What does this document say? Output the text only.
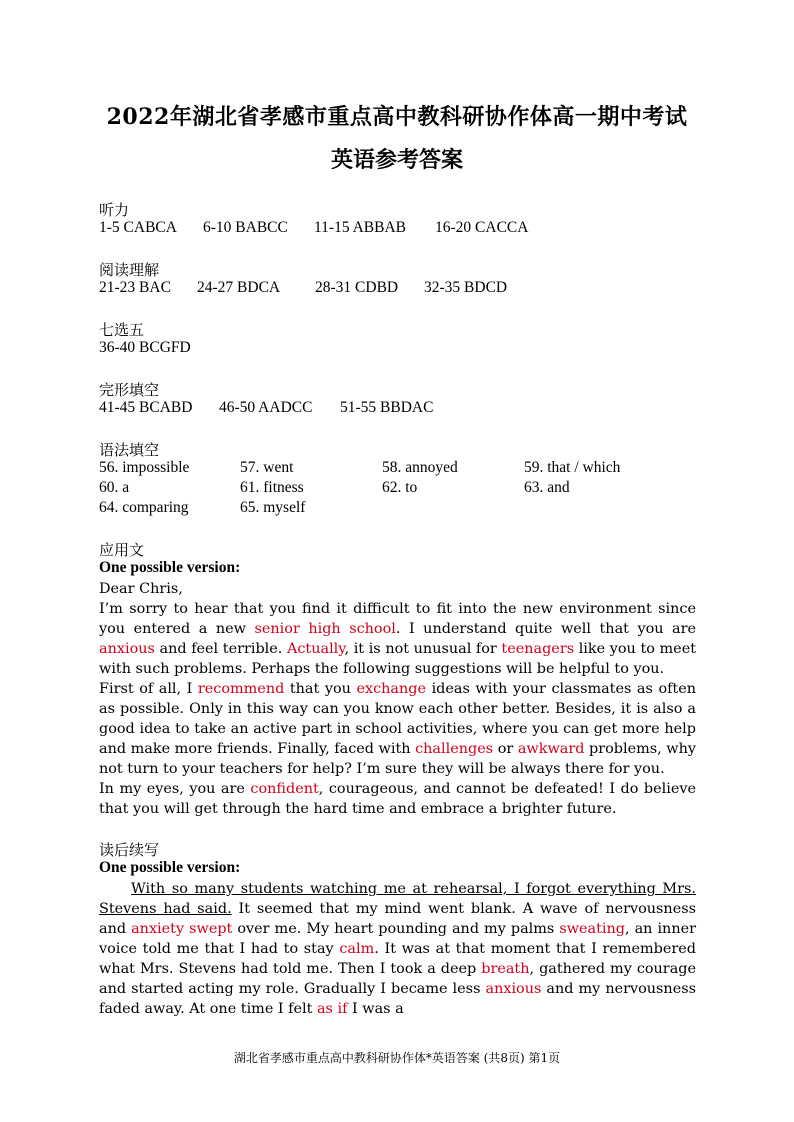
2022年湖北省孝感市重点高中教科研协作体高一期中考试
英语参考答案
听力
1-5 CABCA 6-10 BABCC 11-15 ABBAB 16-20 CACCA
阅读理解
21-23 BAC 24-27 BDCA 28-31 CDBD 32-35 BDCD
七选五
36-40 BCGFD
完形填空
41-45 BCABD 46-50 AADCC 51-55 BBDAC
语法填空
56. impossible	57. went	58. annoyed	59. that / which
60. a	61. fitness	62. to	63. and
64. comparing	65. myself
应用文
One possible version:

Dear Chris,

I’m sorry to hear that you find it difficult to fit into the new environment since you entered a new senior high school. I understand quite well that you are anxious and feel terrible. Actually, it is not unusual for teenagers like you to meet with such problems. Perhaps the following suggestions will be helpful to you.

First of all, I recommend that you exchange ideas with your classmates as often as possible. Only in this way can you know each other better. Besides, it is also a good idea to take an active part in school activities, where you can get more help and make more friends. Finally, faced with challenges or awkward problems, why not turn to your teachers for help? I’m sure they will be always there for you.

In my eyes, you are confident, courageous, and cannot be defeated! I do believe that you will get through the hard time and embrace a brighter future.

读后续写
One possible version:

With so many students watching me at rehearsal, I forgot everything Mrs. Stevens had said. It seemed that my mind went blank. A wave of nervousness and anxiety swept over me. My heart pounding and my palms sweating, an inner voice told me that I had to stay calm. It was at that moment that I remembered what Mrs. Stevens had told me. Then I took a deep breath, gathered my courage and started acting my role. Gradually I became less anxious and my nervousness faded away. At one time I felt as if I was a

湖北省孝感市重点高中教科研协作体*英语答案 (共8页) 第1页
